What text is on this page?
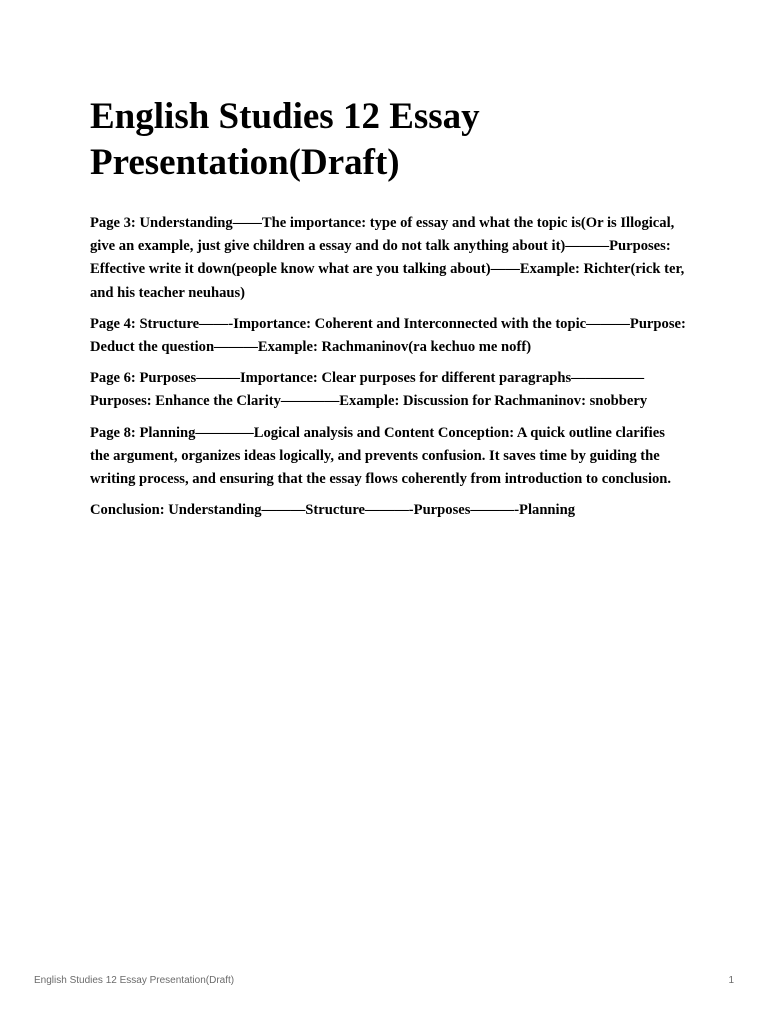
English Studies 12 Essay Presentation(Draft)

Page 3: Understanding——The importance: type of essay and what the topic is(Or is Illogical, give an example, just give children a essay and do not talk anything about it)———Purposes: Effective write it down(people know what are you talking about)——Example: Richter(rick ter, and his teacher neuhaus)

Page 4: Structure——-Importance: Coherent and Interconnected with the topic———Purpose: Deduct the question———Example: Rachmaninov(ra kechuo me noff)

Page 6: Purposes———Importance: Clear purposes for different paragraphs—————Purposes: Enhance the Clarity————Example: Discussion for Rachmaninov: snobbery

Page 8: Planning————Logical analysis and Content Conception: A quick outline clarifies the argument, organizes ideas logically, and prevents confusion. It saves time by guiding the writing process, and ensuring that the essay flows coherently from introduction to conclusion.

Conclusion: Understanding———Structure———-Purposes———-Planning

English Studies 12 Essay Presentation(Draft)	1
